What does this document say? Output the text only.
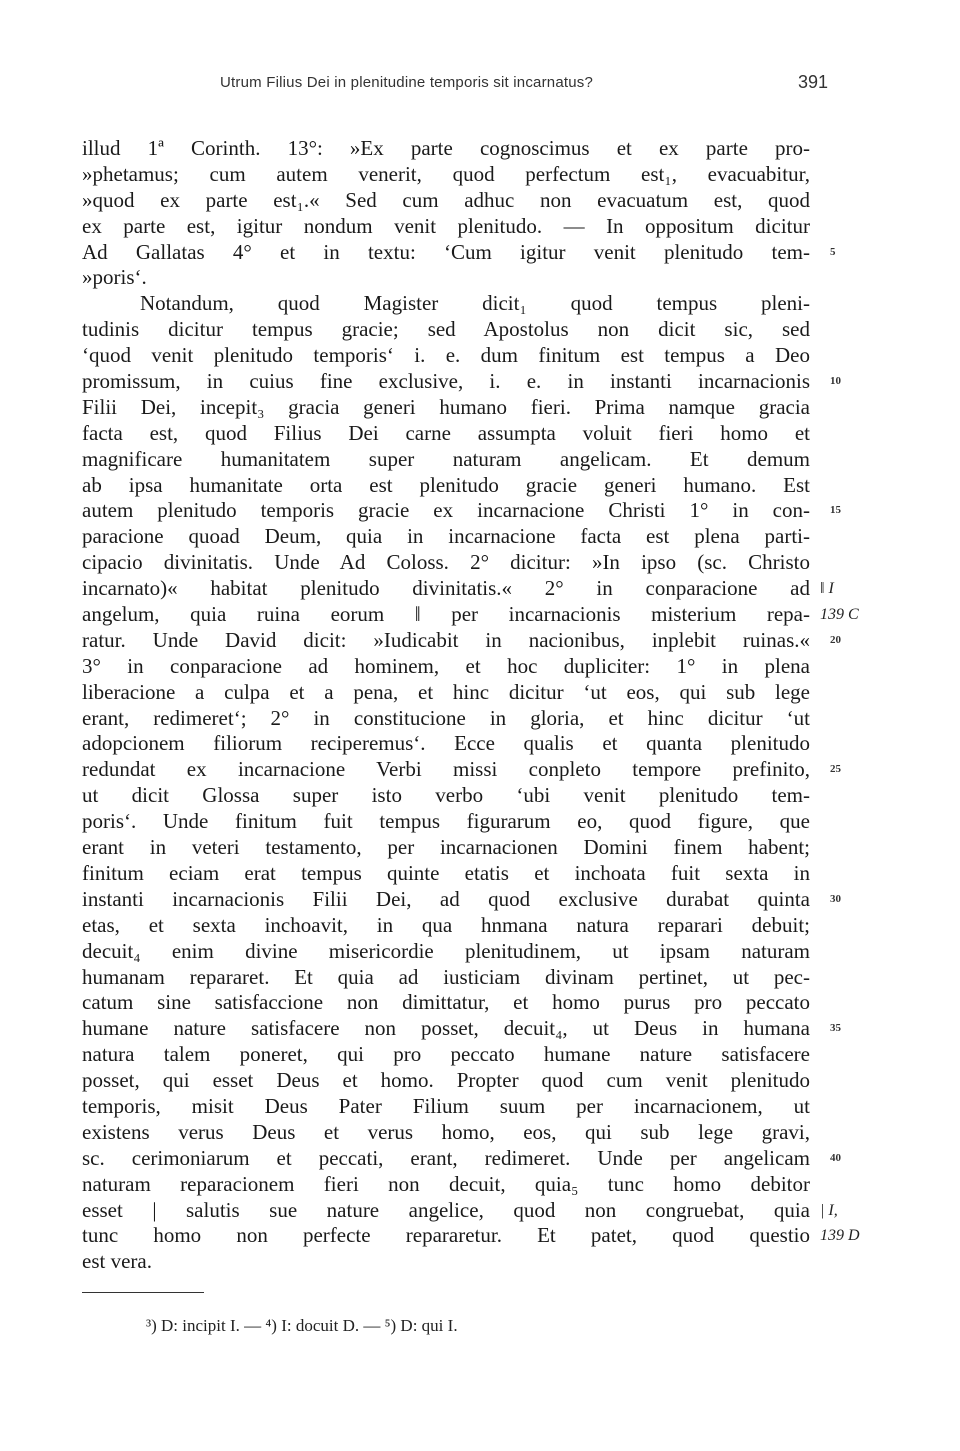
Utrum Filius Dei in plenitudine temporis sit incarnatus?	391
illud 1ª Corinth. 13°: »Ex parte cognoscimus et ex parte pro-
»phetamus; cum autem venerit, quod perfectum est₁, evacuabitur,
»quod ex parte est₁.« Sed cum adhuc non evacuatum est, quod
ex parte est, igitur nondum venit plenitudo. — In oppositum dicitur
Ad Gallatas 4° et in textu: ‘Cum igitur venit plenitudo tem- 5
»poris‘.
Notandum, quod Magister dicit₁ quod tempus pleni-
tudinis dicitur tempus gracie; sed Apostolus non dicit sic, sed
‘quod venit plenitudo temporis‘ i. e. dum finitum est tempus a Deo
promissum, in cuius fine exclusive, i. e. in instanti incarnacionis 10
Filii Dei, incepit₃ gracia generi humano fieri. Prima namque gracia
facta est, quod Filius Dei carne assumpta voluit fieri homo et
magnificare humanitatem super naturam angelicam. Et demum
ab ipsa humanitate orta est plenitudo gracie generi humano. Est
autem plenitudo temporis gracie ex incarnacione Christi 1° in con- 15
paracione quoad Deum, quia in incarnacione facta est plena parti-
cipacio divinitatis. Unde Ad Coloss. 2° dicitur: »In ipso (sc. Christo
incarnato)« habitat plenitudo divinitatis.« 2° in conparacione ad ‖ I
angelum, quia ruina eorum ‖ per incarnacionis misterium repa- 139 C
ratur. Unde David dicit: »Iudicabit in nacionibus, inplebit ruinas.« 20
3° in conparacione ad hominem, et hoc dupliciter: 1° in plena
liberacione a culpa et a pena, et hinc dicitur ‘ut eos, qui sub lege
erant, redimeret‘; 2° in constitucione in gloria, et hinc dicitur ‘ut
adopcionem filiorum reciperemus‘. Ecce qualis et quanta plenitudo
redundat ex incarnacione Verbi missi conpleto tempore prefinito, 25
ut dicit Glossa super isto verbo ‘ubi venit plenitudo tem-
poris‘. Unde finitum fuit tempus figurarum eo, quod figure, que
erant in veteri testamento, per incarnacionen Domini finem habent;
finitum eciam erat tempus quinte etatis et inchoata fuit sexta in
instanti incarnacionis Filii Dei, ad quod exclusive durabat quinta 30
etas, et sexta inchoavit, in qua hnmana natura reparari debuit;
decuit₄ enim divine misericordie plenitudinem, ut ipsam naturam
humanam repararet. Et quia ad iusticiam divinam pertinet, ut pec-
catum sine satisfaccione non dimittatur, et homo purus pro peccato
humane nature satisfacere non posset, decuit₄, ut Deus in humana 35
natura talem poneret, qui pro peccato humane nature satisfacere
posset, qui esset Deus et homo. Propter quod cum venit plenitudo
temporis, misit Deus Pater Filium suum per incarnacionem, ut
existens verus Deus et verus homo, eos, qui sub lege gravi,
sc. cerimoniarum et peccati, erant, redimeret. Unde per angelicam 40
naturam reparacionem fieri non decuit, quia₅ tunc homo debitor
esset | salutis sue nature angelice, quod non congruebat, quia | I,
tunc homo non perfecte repararetur. Et patet, quod questio 139 D
est vera.
³) D: incipit I. — ⁴) I: docuit D. — ⁵) D: qui I.
